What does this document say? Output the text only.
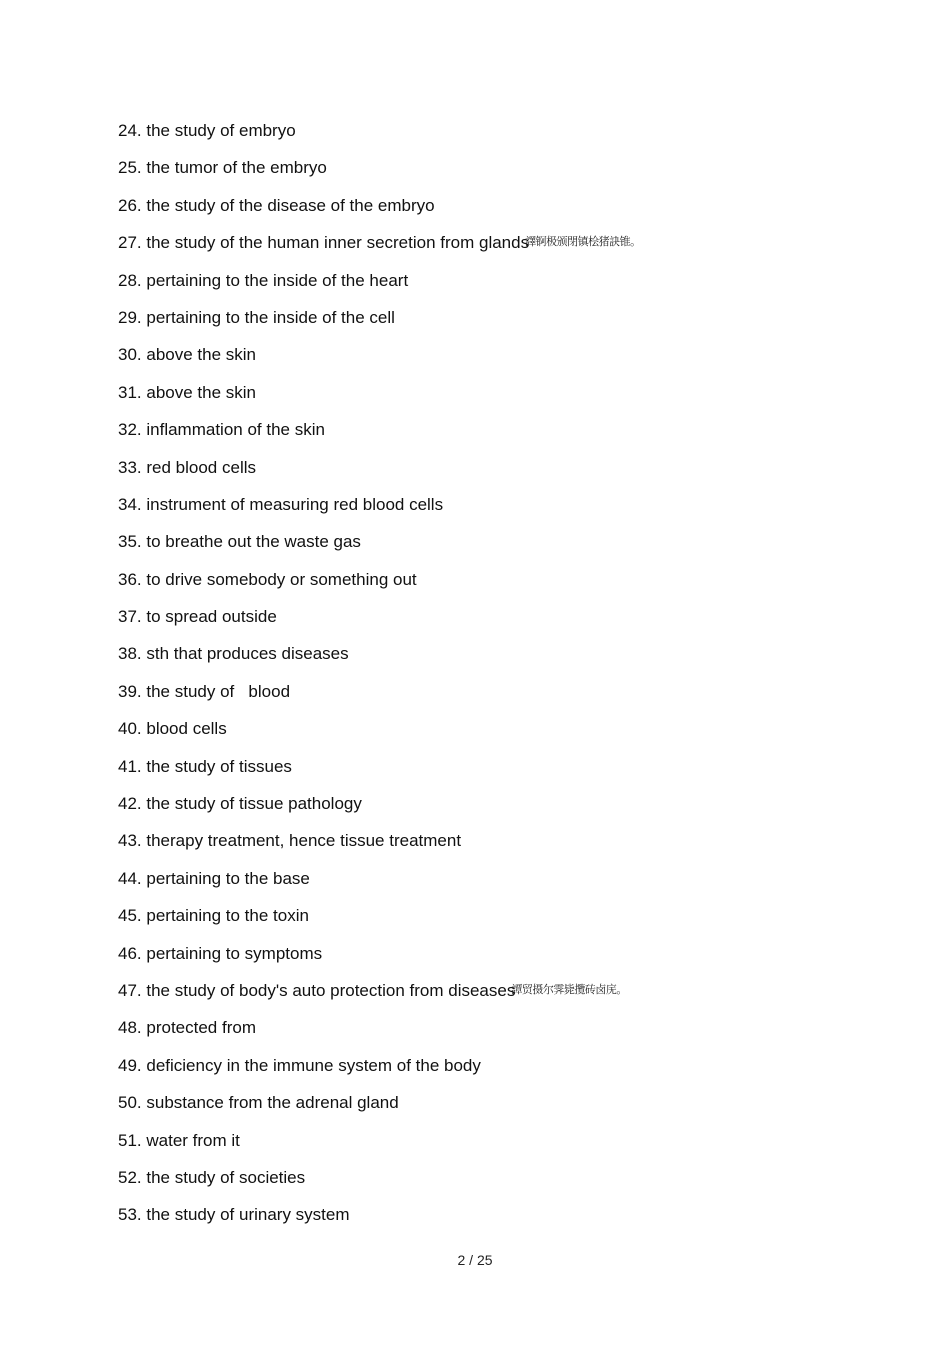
24. the study of embryo
25. the tumor of the embryo
26. the study of the disease of the embryo
27. the study of the human inner secretion from glands譯锕极颁閉镇桧猪訣锥。
28. pertaining to the inside of the heart
29. pertaining to the inside of the cell
30. above the skin
31. above the skin
32. inflammation of the skin
33. red blood cells
34. instrument of measuring red blood cells
35. to breathe out the waste gas
36. to drive somebody or something out
37. to spread outside
38. sth that produces diseases
39. the study of   blood
40. blood cells
41. the study of tissues
42. the study of tissue pathology
43. therapy treatment, hence tissue treatment
44. pertaining to the base
45. pertaining to the toxin
46. pertaining to symptoms
47. the study of body's auto protection from diseases譚贸摄尔霁毙攬砖卤庑。
48. protected from
49. deficiency in the immune system of the body
50. substance from the adrenal gland
51. water from it
52. the study of societies
53. the study of urinary system
2 / 25
